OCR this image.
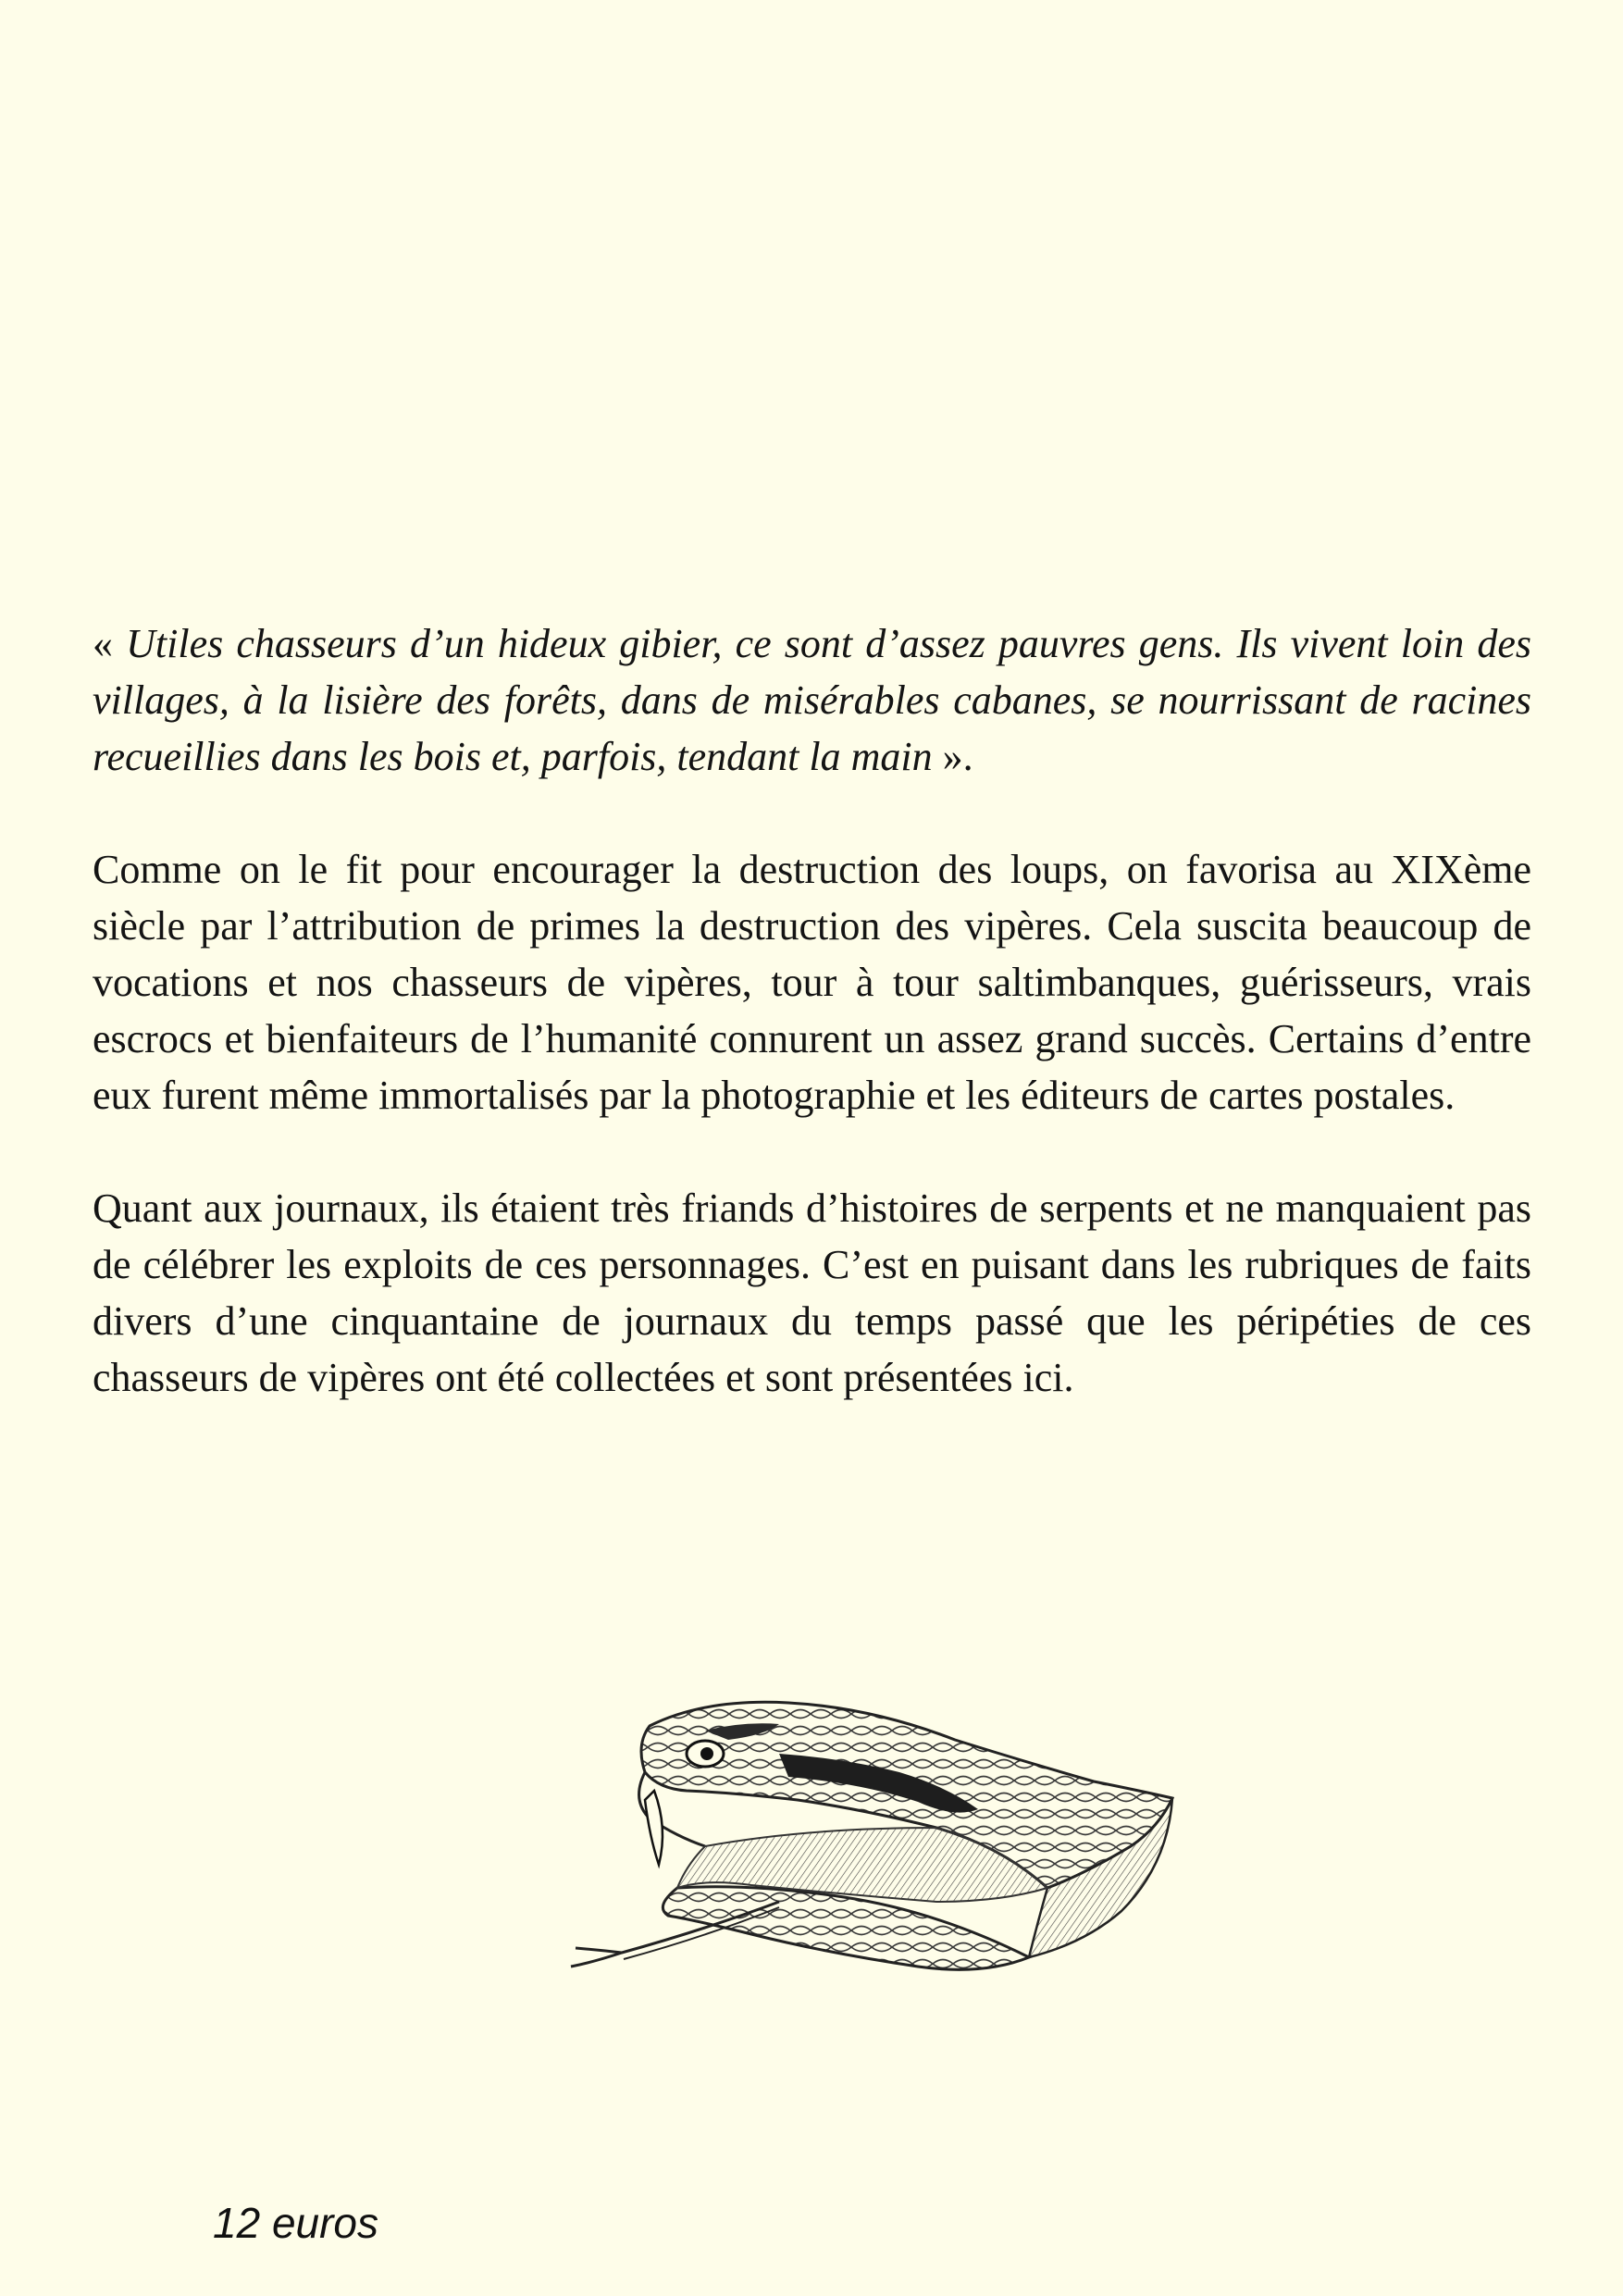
« Utiles chasseurs d’un hideux gibier, ce sont d’assez pauvres gens. Ils vivent loin des villages, à la lisière des forêts, dans de misérables cabanes, se nourrissant de racines recueillies dans les bois et, parfois, tendant la main ».

Comme on le fit pour encourager la destruction des loups, on favorisa au XIXème siècle par l’attribution de primes la destruction des vipères. Cela suscita beaucoup de vocations et nos chasseurs de vipères, tour à tour saltimbanques, guérisseurs, vrais escrocs et bienfaiteurs de l’humanité connurent un assez grand succès. Certains d’entre eux furent même immortalisés par la photographie et les éditeurs de cartes postales.

Quant aux journaux, ils étaient très friands d’histoires de serpents et ne manquaient pas de célébrer les exploits de ces personnages. C’est en puisant dans les rubriques de faits divers d’une cinquantaine de journaux du temps passé que les péripéties de ces chasseurs de vipères ont été collectées et sont présentées ici.

12 euros
